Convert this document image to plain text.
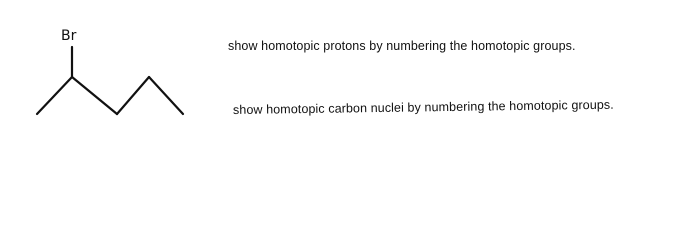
Br
show homotopic protons by numbering the homotopic groups.
show homotopic carbon nuclei by numbering the homotopic groups.
